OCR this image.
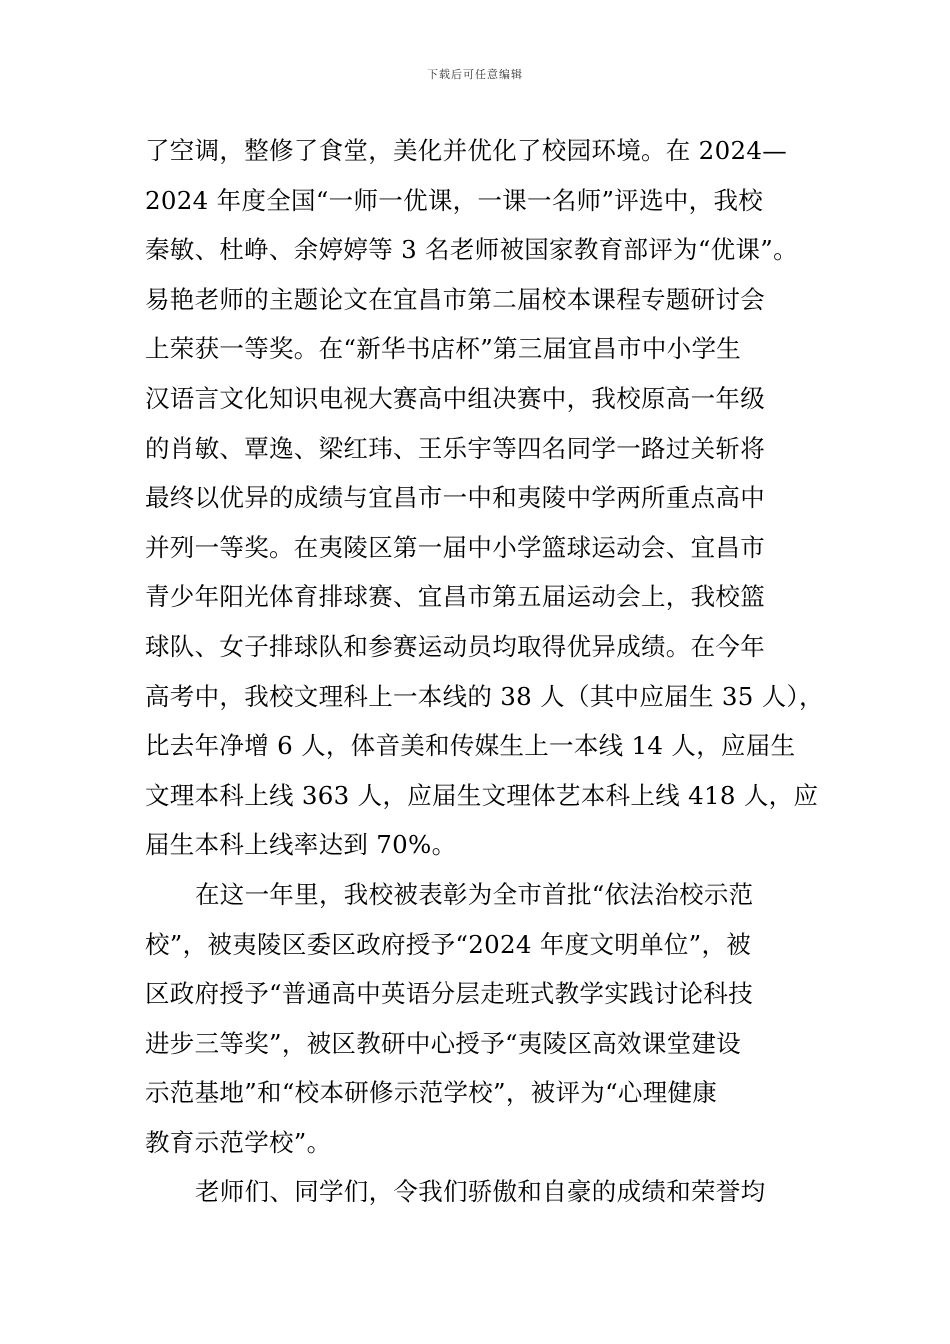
下载后可任意编辑
了空调，整修了食堂，美化并优化了校园环境。在 2024—
2024 年度全国“一师一优课，一课一名师”评选中，我校
秦敏、杜峥、余婷婷等 3 名老师被国家教育部评为“优课”。
易艳老师的主题论文在宜昌市第二届校本课程专题研讨会
上荣获一等奖。在“新华书店杯”第三届宜昌市中小学生
汉语言文化知识电视大赛高中组决赛中，我校原高一年级
的肖敏、覃逸、梁红玮、王乐宇等四名同学一路过关斩将
最终以优异的成绩与宜昌市一中和夷陵中学两所重点高中
并列一等奖。在夷陵区第一届中小学篮球运动会、宜昌市
青少年阳光体育排球赛、宜昌市第五届运动会上，我校篮
球队、女子排球队和参赛运动员均取得优异成绩。在今年
高考中，我校文理科上一本线的 38 人（其中应届生 35 人），
比去年净增 6 人，体音美和传媒生上一本线 14 人，应届生
文理本科上线 363 人，应届生文理体艺本科上线 418 人，应
届生本科上线率达到 70%。
在这一年里，我校被表彰为全市首批“依法治校示范
校”，被夷陵区委区政府授予“2024 年度文明单位”，被
区政府授予“普通高中英语分层走班式教学实践讨论科技
进步三等奖”，被区教研中心授予“夷陵区高效课堂建设
示范基地”和“校本研修示范学校”，被评为“心理健康
教育示范学校”。
老师们、同学们，令我们骄傲和自豪的成绩和荣誉均
